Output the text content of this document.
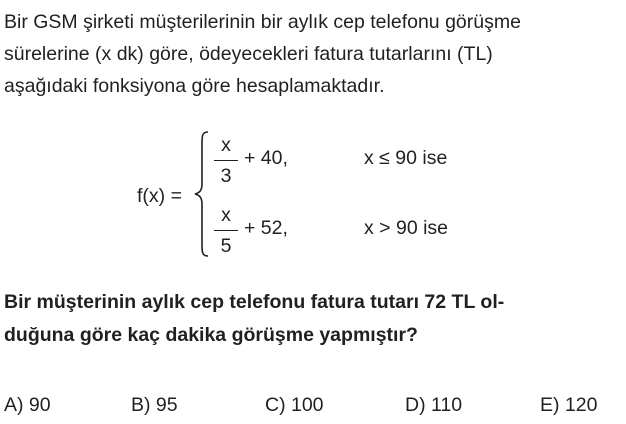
Bir GSM şirketi müşterilerinin bir aylık cep telefonu görüşme
sürelerine (x dk) göre, ödeyecekleri fatura tutarlarını (TL)
aşağıdaki fonksiyona göre hesaplamaktadır.
f(x) =
x
3
+ 40,	x ≤ 90 ise
x
5
+ 52,	x > 90 ise
Bir müşterinin aylık cep telefonu fatura tutarı 72 TL ol-
duğuna göre kaç dakika görüşme yapmıştır?
A) 90	B) 95	C) 100	D) 110	E) 120
